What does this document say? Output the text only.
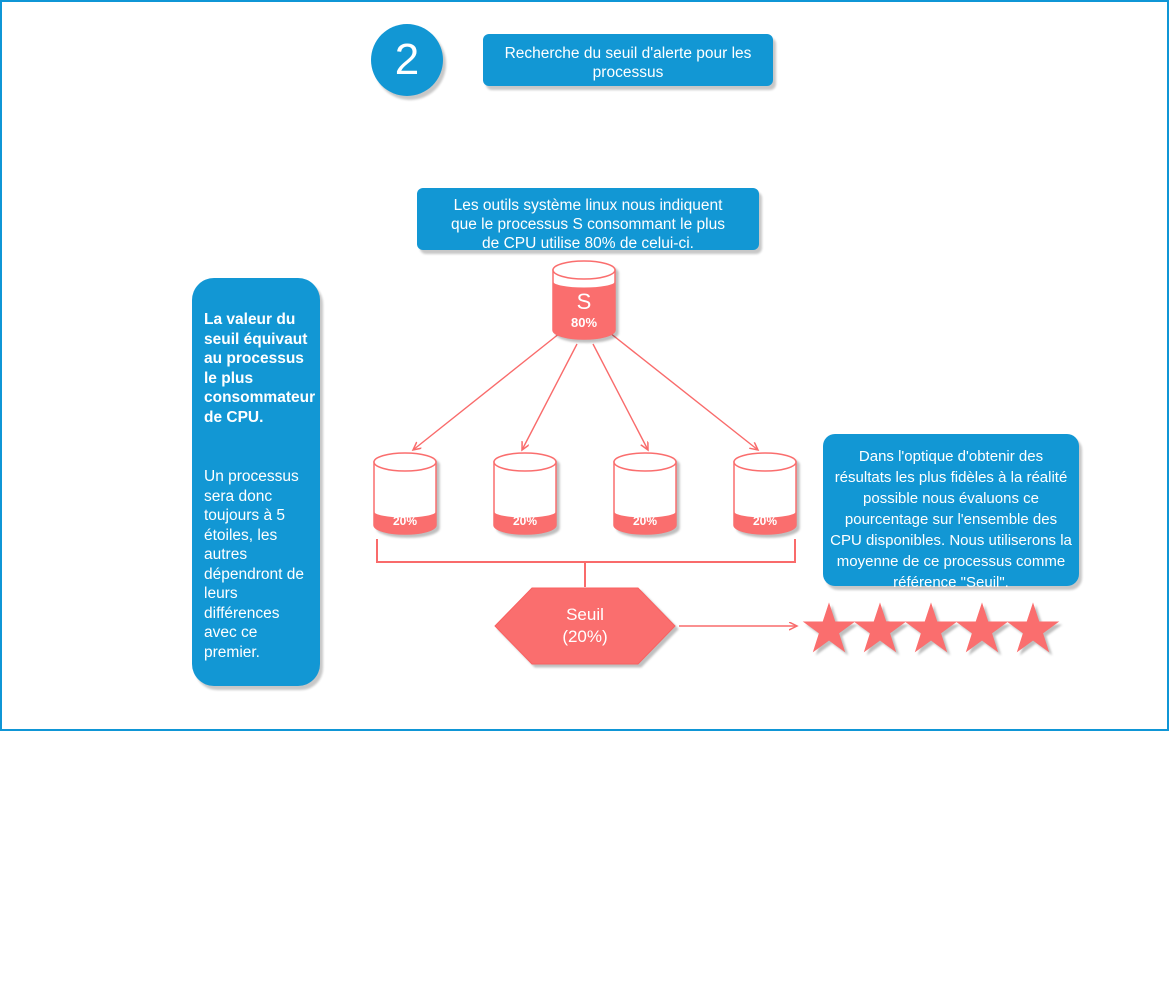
2	Recherche du seuil d'alerte pour les processus
Les outils système linux nous indiquent que le processus S consommant le plus de CPU utilise 80% de celui-ci.

La valeur du seuil équivaut au processus le plus consommateur de CPU.

Un processus sera donc toujours à 5 étoiles, les autres dépendront de leurs différences avec ce premier.

Dans l'optique d'obtenir des résultats les plus fidèles à la réalité possible nous évaluons ce pourcentage sur l'ensemble des CPU disponibles. Nous utiliserons la moyenne de ce processus comme référence "Seuil".
S
80%
20%	20%	20%	20%
Seuil
(20%)
